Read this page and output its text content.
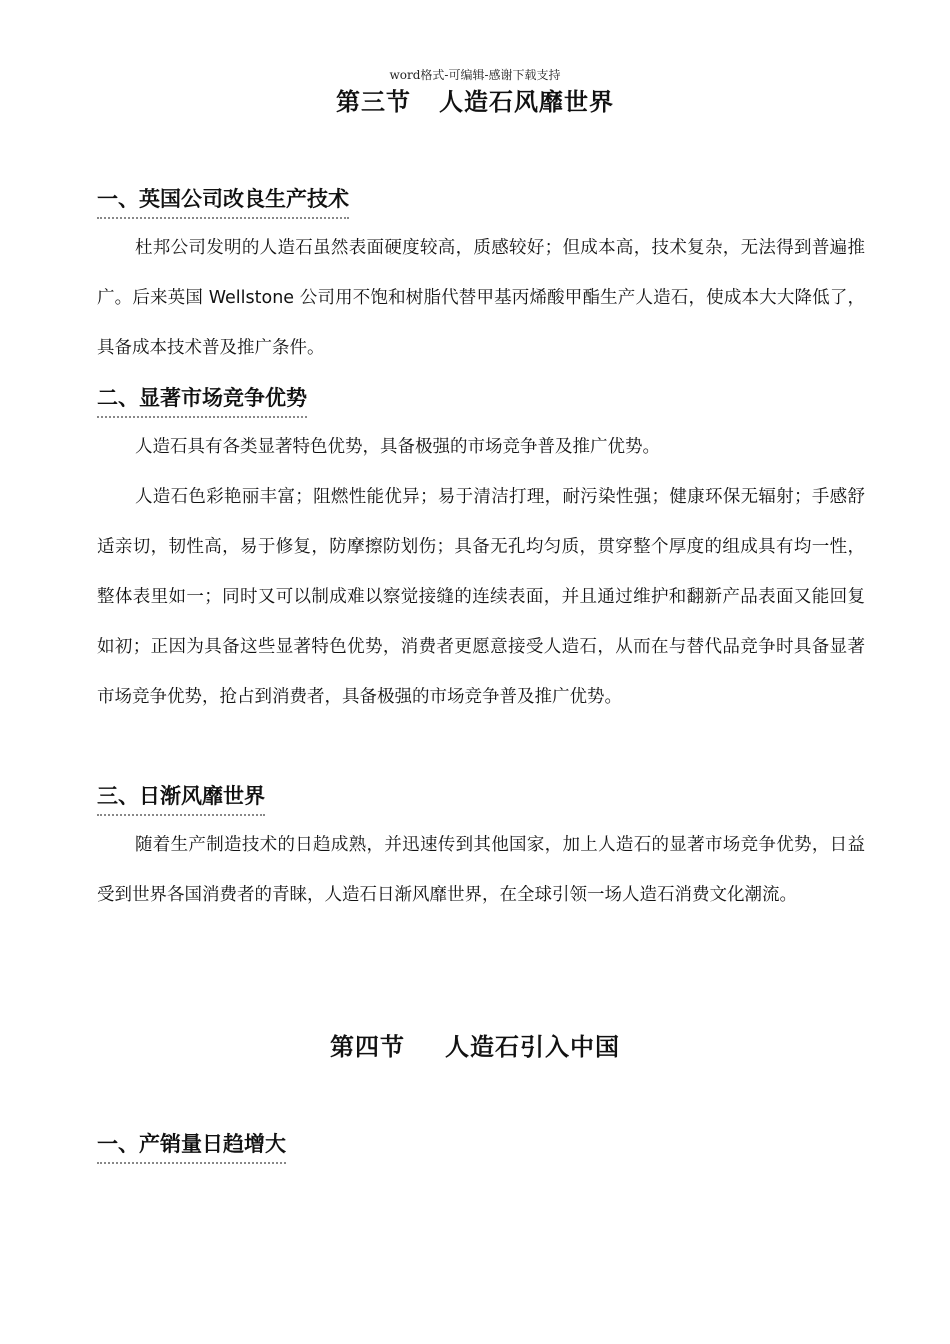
word格式-可编辑-感谢下载支持
第三节 人造石风靡世界
一、英国公司改良生产技术

杜邦公司发明的人造石虽然表面硬度较高，质感较好；但成本高，技术复杂，无法得到普遍推广。后来英国 Wellstone 公司用不饱和树脂代替甲基丙烯酸甲酯生产人造石，使成本大大降低了，具备成本技术普及推广条件。

二、显著市场竞争优势

人造石具有各类显著特色优势，具备极强的市场竞争普及推广优势。

人造石色彩艳丽丰富；阻燃性能优异；易于清洁打理，耐污染性强；健康环保无辐射；手感舒适亲切，韧性高，易于修复，防摩擦防划伤；具备无孔均匀质，贯穿整个厚度的组成具有均一性，整体表里如一；同时又可以制成难以察觉接缝的连续表面，并且通过维护和翻新产品表面又能回复如初；正因为具备这些显著特色优势，消费者更愿意接受人造石，从而在与替代品竞争时具备显著市场竞争优势，抢占到消费者，具备极强的市场竞争普及推广优势。

三、日渐风靡世界

随着生产制造技术的日趋成熟，并迅速传到其他国家，加上人造石的显著市场竞争优势，日益受到世界各国消费者的青睐，人造石日渐风靡世界，在全球引领一场人造石消费文化潮流。

第四节 人造石引入中国
一、产销量日趋增大
